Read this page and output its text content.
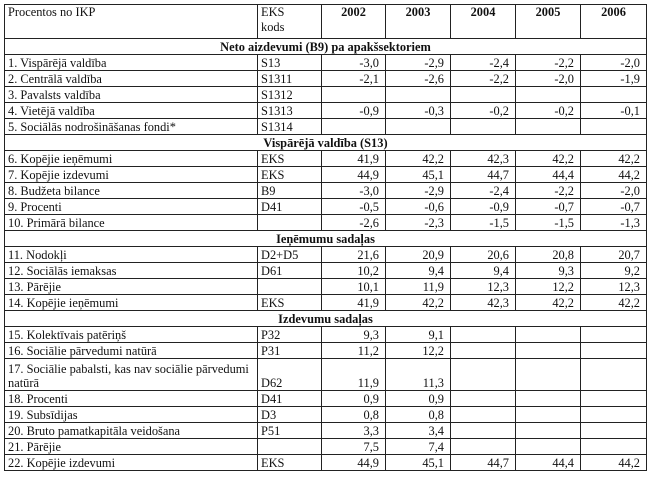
Procentos no IKP	EKS
kods	2002	2003	2004	2005	2006
Neto aizdevumi (B9) pa apakšsektoriem						
1. Vispārējā valdība	S13	-3,0	-2,9	-2,4	-2,2	-2,0
2. Centrālā valdība	S1311	-2,1	-2,6	-2,2	-2,0	-1,9
3. Pavalsts valdība	S1312					
4. Vietējā valdība	S1313	-0,9	-0,3	-0,2	-0,2	-0,1
5. Sociālās nodrošināšanas fondi*	S1314					
Vispārējā valdība (S13)						
6. Kopējie ieņēmumi	EKS	41,9	42,2	42,3	42,2	42,2
7. Kopējie izdevumi	EKS	44,9	45,1	44,7	44,4	44,2
8. Budžeta bilance	B9	-3,0	-2,9	-2,4	-2,2	-2,0
9. Procenti	D41	-0,5	-0,6	-0,9	-0,7	-0,7
10. Primārā bilance		-2,6	-2,3	-1,5	-1,5	-1,3
Ieņēmumu sadaļas						
11. Nodokļi	D2+D5	21,6	20,9	20,6	20,8	20,7
12. Sociālās iemaksas	D61	10,2	9,4	9,4	9,3	9,2
13. Pārējie		10,1	11,9	12,3	12,2	12,3
14. Kopējie ieņēmumi	EKS	41,9	42,2	42,3	42,2	42,2
Izdevumu sadaļas						
15. Kolektīvais patēriņš	P32	9,3	9,1			
16. Sociālie pārvedumi natūrā	P31	11,2	12,2			
17. Sociālie pabalsti, kas nav sociālie pārvedumi natūrā	D62	11,9	11,3			
18. Procenti	D41	0,9	0,9			
19. Subsīdijas	D3	0,8	0,8			
20. Bruto pamatkapitāla veidošana	P51	3,3	3,4			
21. Pārējie		7,5	7,4			
22. Kopējie izdevumi	EKS	44,9	45,1	44,7	44,4	44,2
